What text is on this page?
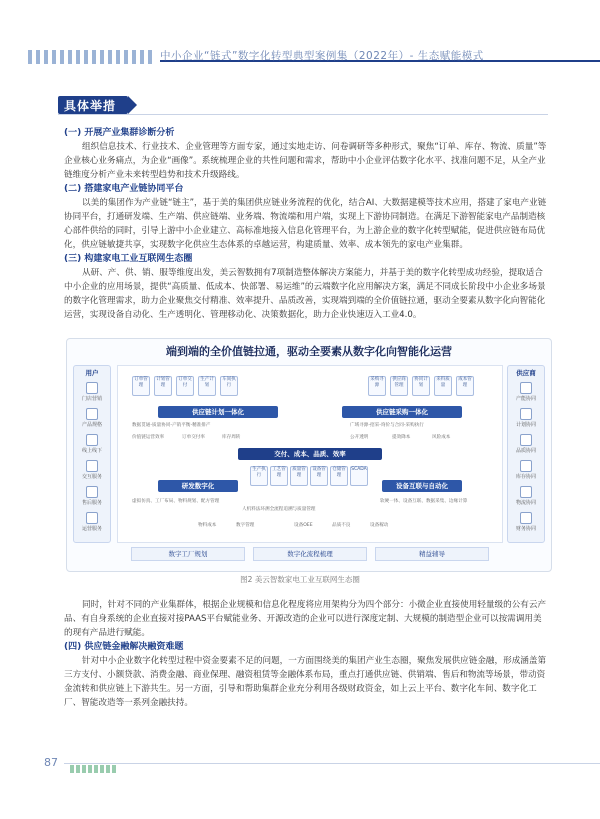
中小企业“链式”数字化转型典型案例集（2022年）- 生态赋能模式
具体举措
(一) 开展产业集群诊断分析

组织信息技术、行业技术、企业管理等方面专家，通过实地走访、问卷调研等多种形式，聚焦“订单、库存、物流、质量”等企业核心业务痛点，为企业“画像”。系统梳理企业的共性问题和需求，帮助中小企业评估数字化水平、找准问题不足，从全产业链维度分析产业未来转型趋势和技术升级路线。

(二) 搭建家电产业链协同平台

以美的集团作为产业链“链主”，基于美的集团供应链业务流程的优化，结合AI、大数据建模等技术应用，搭建了家电产业链协同平台，打通研发端、生产端、供应链端、业务端、物流端和用户端，实现上下游协同制造。在满足下游智能家电产品制造核心部件供给的同时，引导上游中小企业建立、高标准地接入信息化管理平台，为上游企业的数字化转型赋能，促进供应链布局优化，供应链敏捷共享，实现数字化供应生态体系的卓越运营，构建质量、效率、成本领先的家电产业集群。

(三) 构建家电工业互联网生态圈

从研、产、供、销、服等维度出发，美云智数拥有7项制造整体解决方案能力，并基于美的数字化转型成功经验，提取适合中小企业的应用场景，提供“高质量、低成本、快部署、易运维”的云端数字化应用解决方案，满足不同成长阶段中小企业多场景的数字化管理需求，助力企业聚焦交付精准、效率提升、品质改善，实现端到端的全价值链拉通，驱动全要素从数字化向智能化运营，实现设备自动化、生产透明化、管理移动化、决策数据化，助力企业快速迈入工业4.0。

端到端的全价值链拉通，驱动全要素从数字化向智能化运营
用户
门店营销
产品规格
线上线下
交互服务
售后服务
运营服务
供应商
产能协同
计划协同
品质协同
库存协同
物流协同
财务协同
订单管理
计划管理
订单交付
生产计划
车间执行
采购寻源
供应商管理
协同计划
来料质量
成本管理
供应链计划一体化	供应链采购一体化
数据贯通-质量协同-产销平衡-精准排产	广域寻源-招采-询价与合同-采购执行
价值链运营效率	订单交付率	库存周转	公开透明	提效降本	风险成本
交付、成本、品质、效率
生产执行
工艺管理
质量管理
设备管理
仓储管理
SCADA
研发数字化	设备互联与自动化
虚拟仿真、工厂布局、物料规划、配方管理	软硬一体、设备互联、数据采集、边缘计算
人机料法环测全流程追溯与质量管理
物料成本	数字管理	设备OEE	品质不良	设备稼动
数字工厂规划	数字化流程梳理	精益辅导
图2 美云智数家电工业互联网生态圈

同时，针对不同的产业集群体，根据企业规模和信息化程度将应用架构分为四个部分：小微企业直接使用轻量级的公有云产品、有自身系统的企业直接对接PAAS平台赋能业务、开源改造的企业可以进行深度定制、大规模的制造型企业可以按需调用美的现有产品进行赋能。

(四) 供应链金融解决融资难题

针对中小企业数字化转型过程中资金要素不足的问题，一方面围绕美的集团产业生态圈，聚焦发展供应链金融，形成涵盖第三方支付、小额贷款、消费金融、商业保理、融资租赁等金融体系布局，重点打通供应链、供销端、售后和物流等场景，带动资金流转和供应链上下游共生。另一方面，引导和帮助集群企业充分利用各级财政资金，如上云上平台、数字化车间、数字化工厂、智能改造等一系列金融扶持。

87
